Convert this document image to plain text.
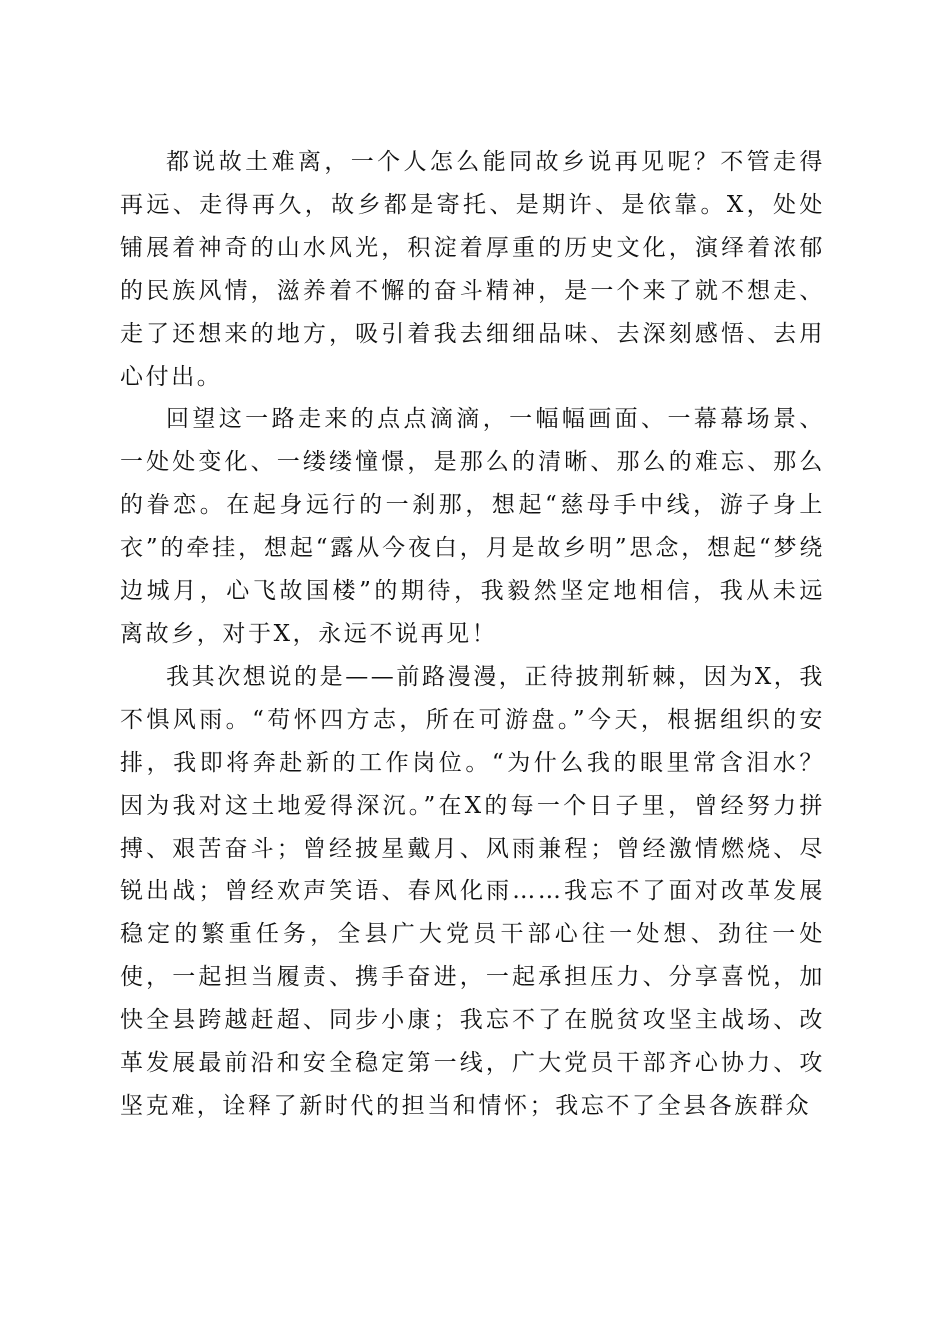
都说故土难离，一个人怎么能同故乡说再见呢？不管走得再远、走得再久，故乡都是寄托、是期许、是依靠。X，处处铺展着神奇的山水风光，积淀着厚重的历史文化，演绎着浓郁的民族风情，滋养着不懈的奋斗精神，是一个来了就不想走、走了还想来的地方，吸引着我去细细品味、去深刻感悟、去用心付出。

回望这一路走来的点点滴滴，一幅幅画面、一幕幕场景、一处处变化、一缕缕憧憬，是那么的清晰、那么的难忘、那么的眷恋。在起身远行的一刹那，想起“慈母手中线，游子身上衣”的牵挂，想起“露从今夜白，月是故乡明”思念，想起“梦绕边城月，心飞故国楼”的期待，我毅然坚定地相信，我从未远离故乡，对于X，永远不说再见！

我其次想说的是——前路漫漫，正待披荆斩棘，因为X，我不惧风雨。“苟怀四方志，所在可游盘。”今天，根据组织的安排，我即将奔赴新的工作岗位。“为什么我的眼里常含泪水？因为我对这土地爱得深沉。”在X的每一个日子里，曾经努力拼搏、艰苦奋斗；曾经披星戴月、风雨兼程；曾经激情燃烧、尽锐出战；曾经欢声笑语、春风化雨……我忘不了面对改革发展稳定的繁重任务，全县广大党员干部心往一处想、劲往一处使，一起担当履责、携手奋进，一起承担压力、分享喜悦，加快全县跨越赶超、同步小康；我忘不了在脱贫攻坚主战场、改革发展最前沿和安全稳定第一线，广大党员干部齐心协力、攻坚克难，诠释了新时代的担当和情怀；我忘不了全县各族群众
